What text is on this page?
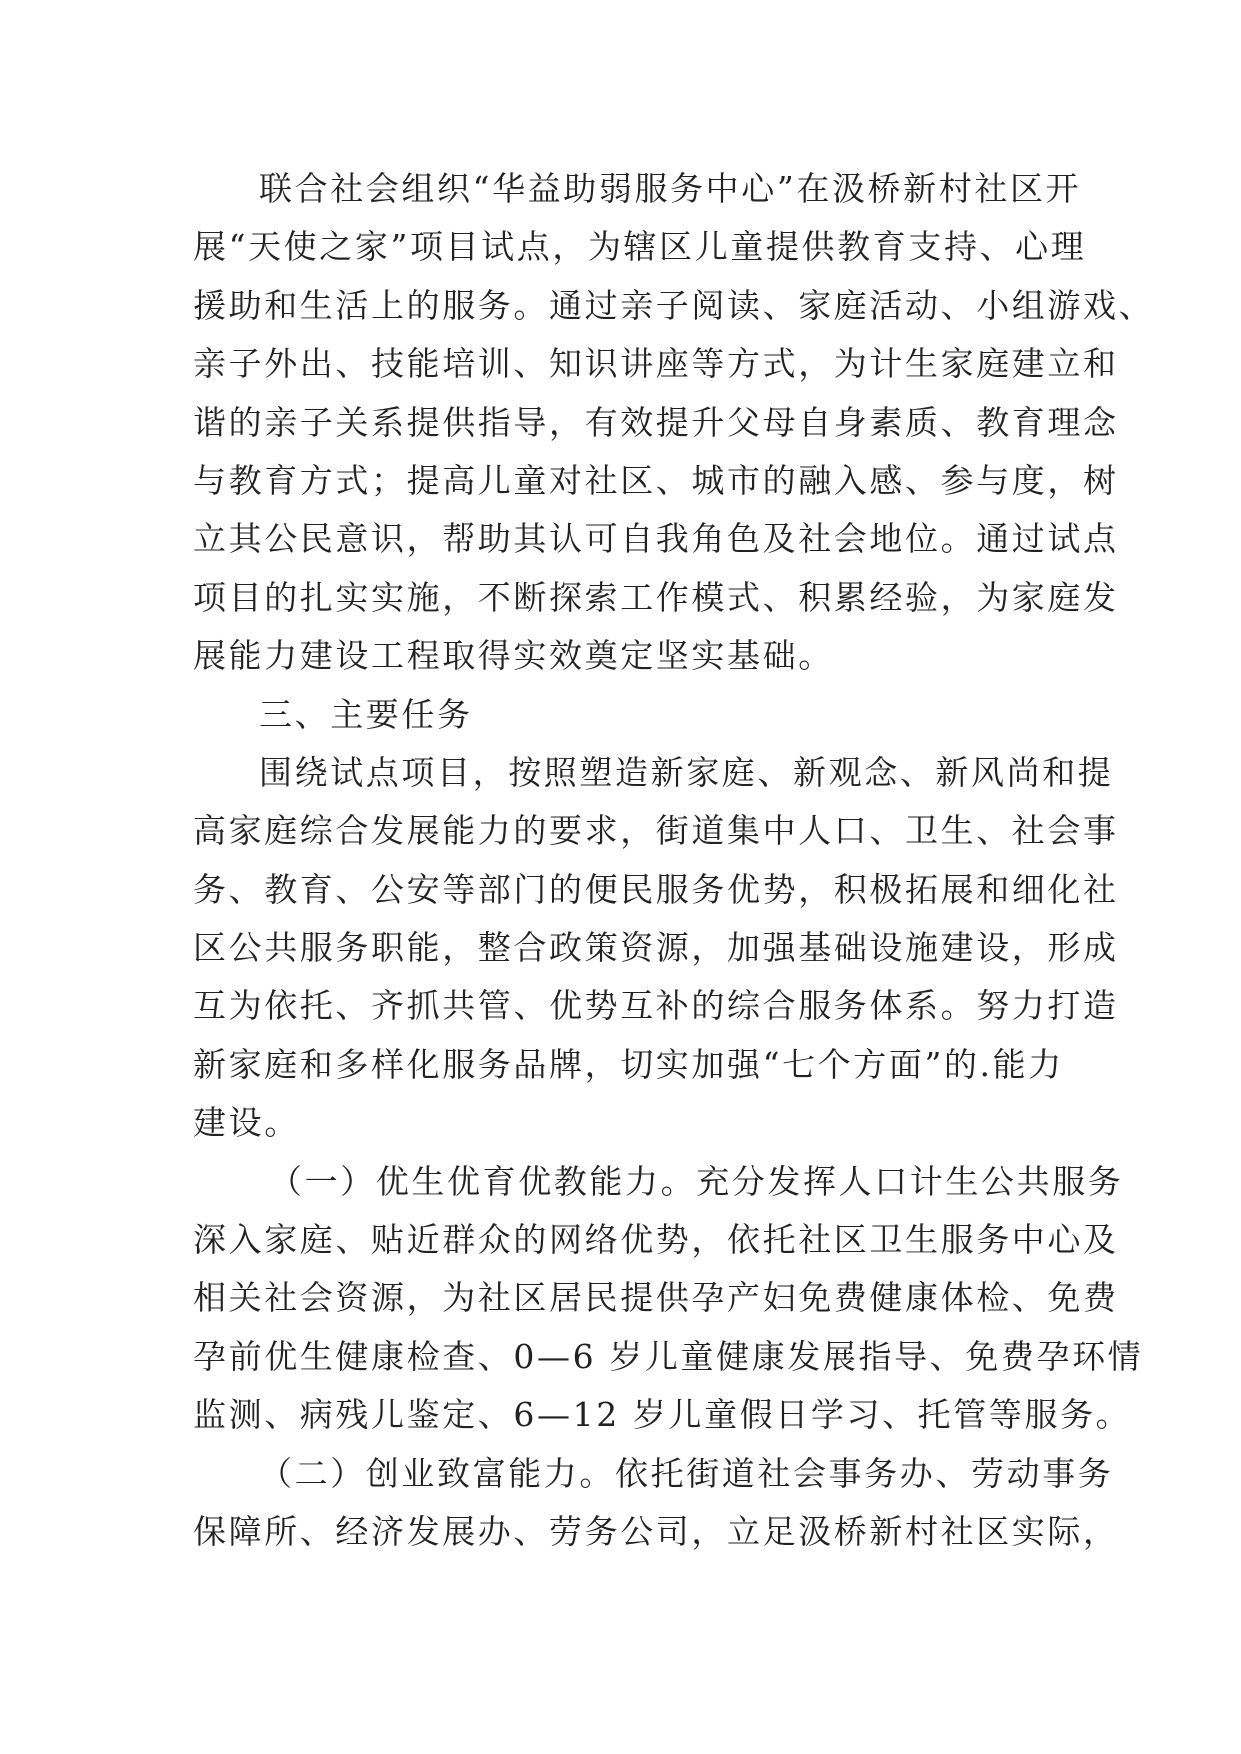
联合社会组织“华益助弱服务中心”在汲桥新村社区开
展“天使之家”项目试点，为辖区儿童提供教育支持、心理
援助和生活上的服务。通过亲子阅读、家庭活动、小组游戏、
亲子外出、技能培训、知识讲座等方式，为计生家庭建立和
谐的亲子关系提供指导，有效提升父母自身素质、教育理念
与教育方式；提高儿童对社区、城市的融入感、参与度，树
立其公民意识，帮助其认可自我角色及社会地位。通过试点
项目的扎实实施，不断探索工作模式、积累经验，为家庭发
展能力建设工程取得实效奠定坚实基础。
三、主要任务
围绕试点项目，按照塑造新家庭、新观念、新风尚和提
高家庭综合发展能力的要求，街道集中人口、卫生、社会事
务、教育、公安等部门的便民服务优势，积极拓展和细化社
区公共服务职能，整合政策资源，加强基础设施建设，形成
互为依托、齐抓共管、优势互补的综合服务体系。努力打造
新家庭和多样化服务品牌，切实加强“七个方面”的.能力
建设。
（一）优生优育优教能力。充分发挥人口计生公共服务
深入家庭、贴近群众的网络优势，依托社区卫生服务中心及
相关社会资源，为社区居民提供孕产妇免费健康体检、免费
孕前优生健康检查、0—6 岁儿童健康发展指导、免费孕环情
监测、病残儿鉴定、6—12 岁儿童假日学习、托管等服务。
（二）创业致富能力。依托街道社会事务办、劳动事务
保障所、经济发展办、劳务公司，立足汲桥新村社区实际，
